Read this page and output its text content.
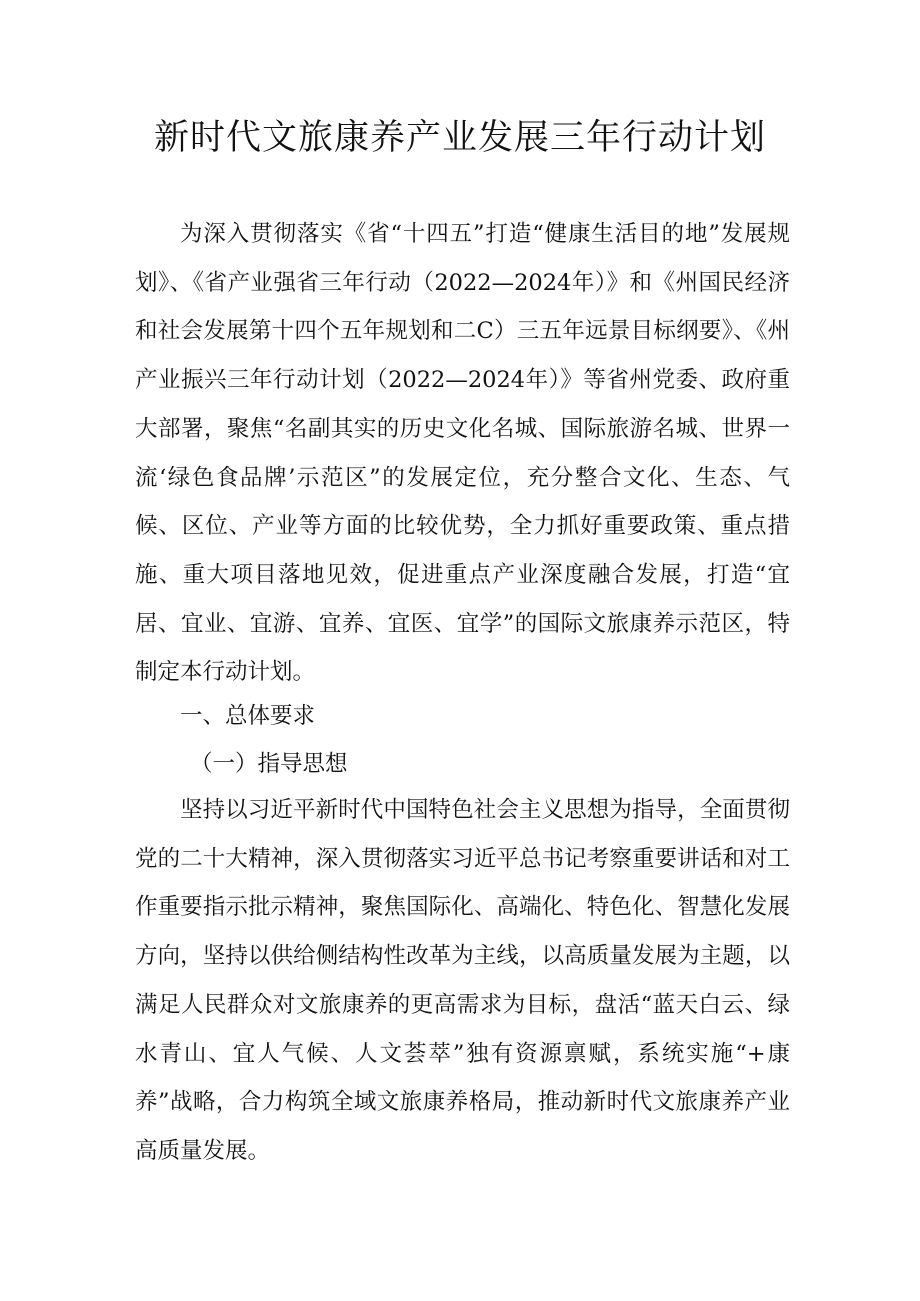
新时代文旅康养产业发展三年行动计划

为深入贯彻落实《省“十四五”打造“健康生活目的地”发展规划》、《省产业强省三年行动（2022—2024年）》和《州国民经济和社会发展第十四个五年规划和二C）三五年远景目标纲要》、《州产业振兴三年行动计划（2022—2024年）》等省州党委、政府重大部署，聚焦“名副其实的历史文化名城、国际旅游名城、世界一流‘绿色食品牌’示范区”的发展定位，充分整合文化、生态、气候、区位、产业等方面的比较优势，全力抓好重要政策、重点措施、重大项目落地见效，促进重点产业深度融合发展，打造“宜居、宜业、宜游、宜养、宜医、宜学”的国际文旅康养示范区，特制定本行动计划。

一、总体要求
（一）指导思想

坚持以习近平新时代中国特色社会主义思想为指导，全面贯彻党的二十大精神，深入贯彻落实习近平总书记考察重要讲话和对工作重要指示批示精神，聚焦国际化、高端化、特色化、智慧化发展方向，坚持以供给侧结构性改革为主线，以高质量发展为主题，以满足人民群众对文旅康养的更高需求为目标，盘活“蓝天白云、绿水青山、宜人气候、人文荟萃”独有资源禀赋，系统实施“+康养”战略，合力构筑全域文旅康养格局，推动新时代文旅康养产业高质量发展。
